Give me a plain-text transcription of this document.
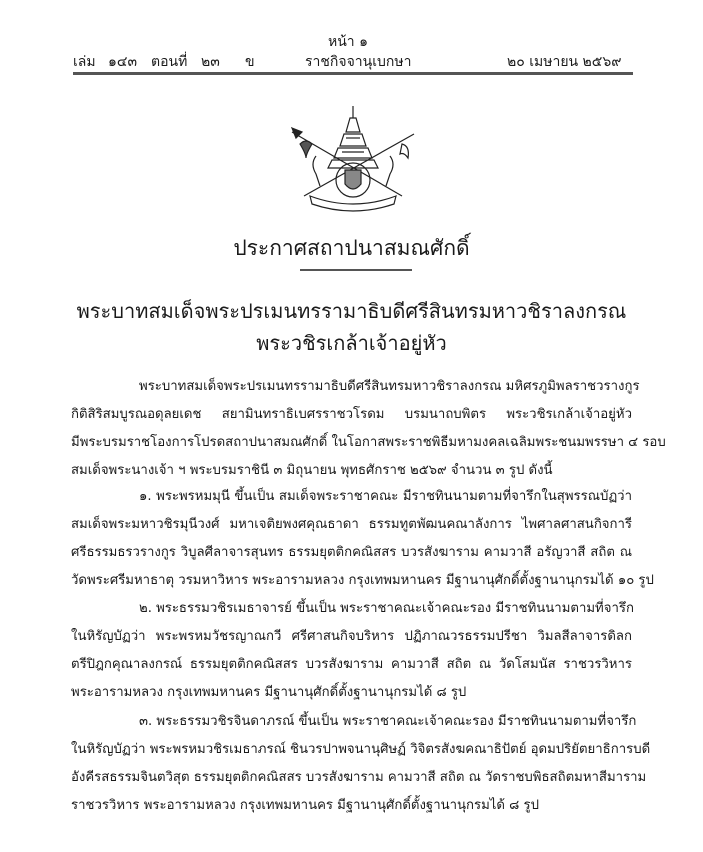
หน้า ๑
เล่ม ๑๔๓ ตอนที่ ๒๓ ข	ราชกิจจานุเบกษา	๒๐ เมษายน ๒๕๖๙
ประกาศสถาปนาสมณศักดิ์
พระบาทสมเด็จพระปรเมนทรรามาธิบดีศรีสินทรมหาวชิราลงกรณ
พระวชิรเกล้าเจ้าอยู่หัว
พระบาทสมเด็จพระปรเมนทรรามาธิบดีศรีสินทรมหาวชิราลงกรณ มหิศรภูมิพลราชวรางกูร
กิติสิริสมบูรณอดุลยเดช สยามินทราธิเบศรราชวโรดม บรมนาถบพิตร พระวชิรเกล้าเจ้าอยู่หัว
มีพระบรมราชโองการโปรดสถาปนาสมณศักดิ์ ในโอกาสพระราชพิธีมหามงคลเฉลิมพระชนมพรรษา ๔ รอบ
สมเด็จพระนางเจ้า ฯ พระบรมราชินี ๓ มิถุนายน พุทธศักราช ๒๕๖๙ จำนวน ๓ รูป ดังนี้
๑. พระพรหมมุนี ขึ้นเป็น สมเด็จพระราชาคณะ มีราชทินนามตามที่จารึกในสุพรรณบัฏว่า
สมเด็จพระมหาวชิรมุนีวงศ์ มหาเจติยพงศคุณธาดา ธรรมทูตพัฒนคณาลังการ ไพศาลศาสนกิจการี
ศรีธรรมธรวรางกูร วิบูลศีลาจารสุนทร ธรรมยุตติกคณิสสร บวรสังฆาราม คามวาสี อรัญวาสี สถิต ณ
วัดพระศรีมหาธาตุ วรมหาวิหาร พระอารามหลวง กรุงเทพมหานคร มีฐานานุศักดิ์ตั้งฐานานุกรมได้ ๑๐ รูป
๒. พระธรรมวชิรเมธาจารย์ ขึ้นเป็น พระราชาคณะเจ้าคณะรอง มีราชทินนามตามที่จารึก
ในหิรัญบัฏว่า พระพรหมวัชรญาณกวี ศรีศาสนกิจบริหาร ปฏิภาณวรธรรมปรีชา วิมลสีลาจารดิลก
ตรีปิฎกคุณาลงกรณ์ ธรรมยุตติกคณิสสร บวรสังฆาราม คามวาสี สถิต ณ วัดโสมนัส ราชวรวิหาร
พระอารามหลวง กรุงเทพมหานคร มีฐานานุศักดิ์ตั้งฐานานุกรมได้ ๘ รูป
๓. พระธรรมวชิรจินดาภรณ์ ขึ้นเป็น พระราชาคณะเจ้าคณะรอง มีราชทินนามตามที่จารึก
ในหิรัญบัฏว่า พระพรหมวชิรเมธาภรณ์ ชินวรปาพจนานุศิษฏ์ วิจิตรสังฆคณาธิปัตย์ อุดมปริยัตยาธิการบดี
อังคีรสธรรมจินตวิสุต ธรรมยุตติกคณิสสร บวรสังฆาราม คามวาสี สถิต ณ วัดราชบพิธสถิตมหาสีมาราม
ราชวรวิหาร พระอารามหลวง กรุงเทพมหานคร มีฐานานุศักดิ์ตั้งฐานานุกรมได้ ๘ รูป
